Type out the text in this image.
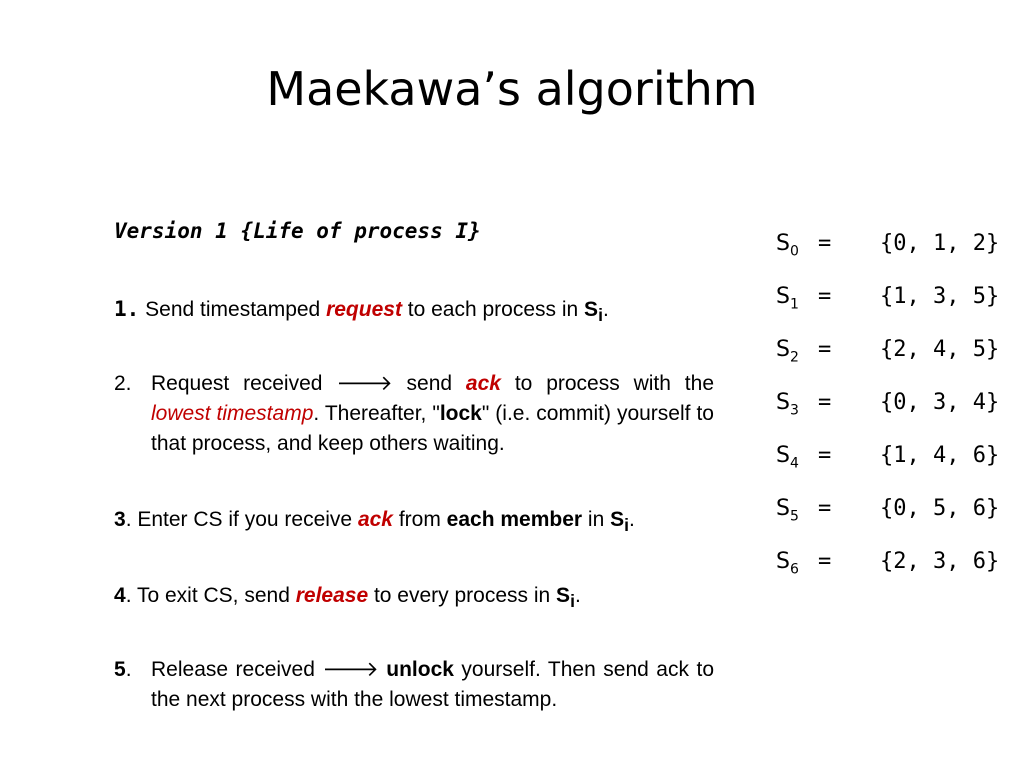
Maekawa’s algorithm
Version 1 {Life of process I}
1. Send timestamped request to each process in $S_i$.
2. Request received 🡒 send ack to process with the lowest timestamp. Thereafter, "lock" (i.e. commit) yourself to that process, and keep others waiting.
3. Enter CS if you receive ack from each member in $S_i$.
4. To exit CS, send release to every process in $S_i$.
5. Release received 🡒 unlock yourself. Then send ack to the next process with the lowest timestamp.
$S_0 = \{0$, 1, 2}
$S_1 = \{1$, 3, 5}
$S_2 = \{2$, 4, 5}
$S_3 = \{0$, 3, 4}
$S_4 = \{1$, 4, 6}
$S_5 = \{0$, 5, 6}
$S_6 = \{2$, 3, 6}
